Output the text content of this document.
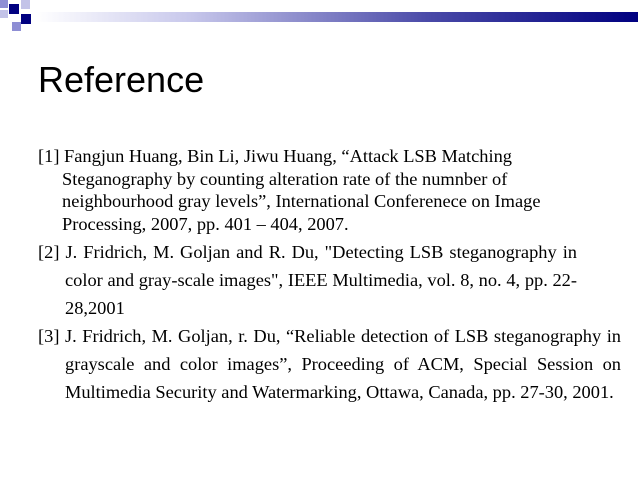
Reference

[1] Fangjun Huang, Bin Li, Jiwu Huang, “Attack LSB Matching Steganography by counting alteration rate of the numnber of neighbourhood gray levels”, International Conferenece on Image Processing, 2007, pp. 401 – 404, 2007.

[2] J. Fridrich, M. Goljan and R. Du, "Detecting LSB steganography in color and gray-scale images", IEEE Multimedia, vol. 8, no. 4, pp. 22-28,2001

[3] J. Fridrich, M. Goljan, r. Du, “Reliable detection of LSB steganography in grayscale and color images”, Proceeding of ACM, Special Session on Multimedia Security and Watermarking, Ottawa, Canada, pp. 27-30, 2001.
